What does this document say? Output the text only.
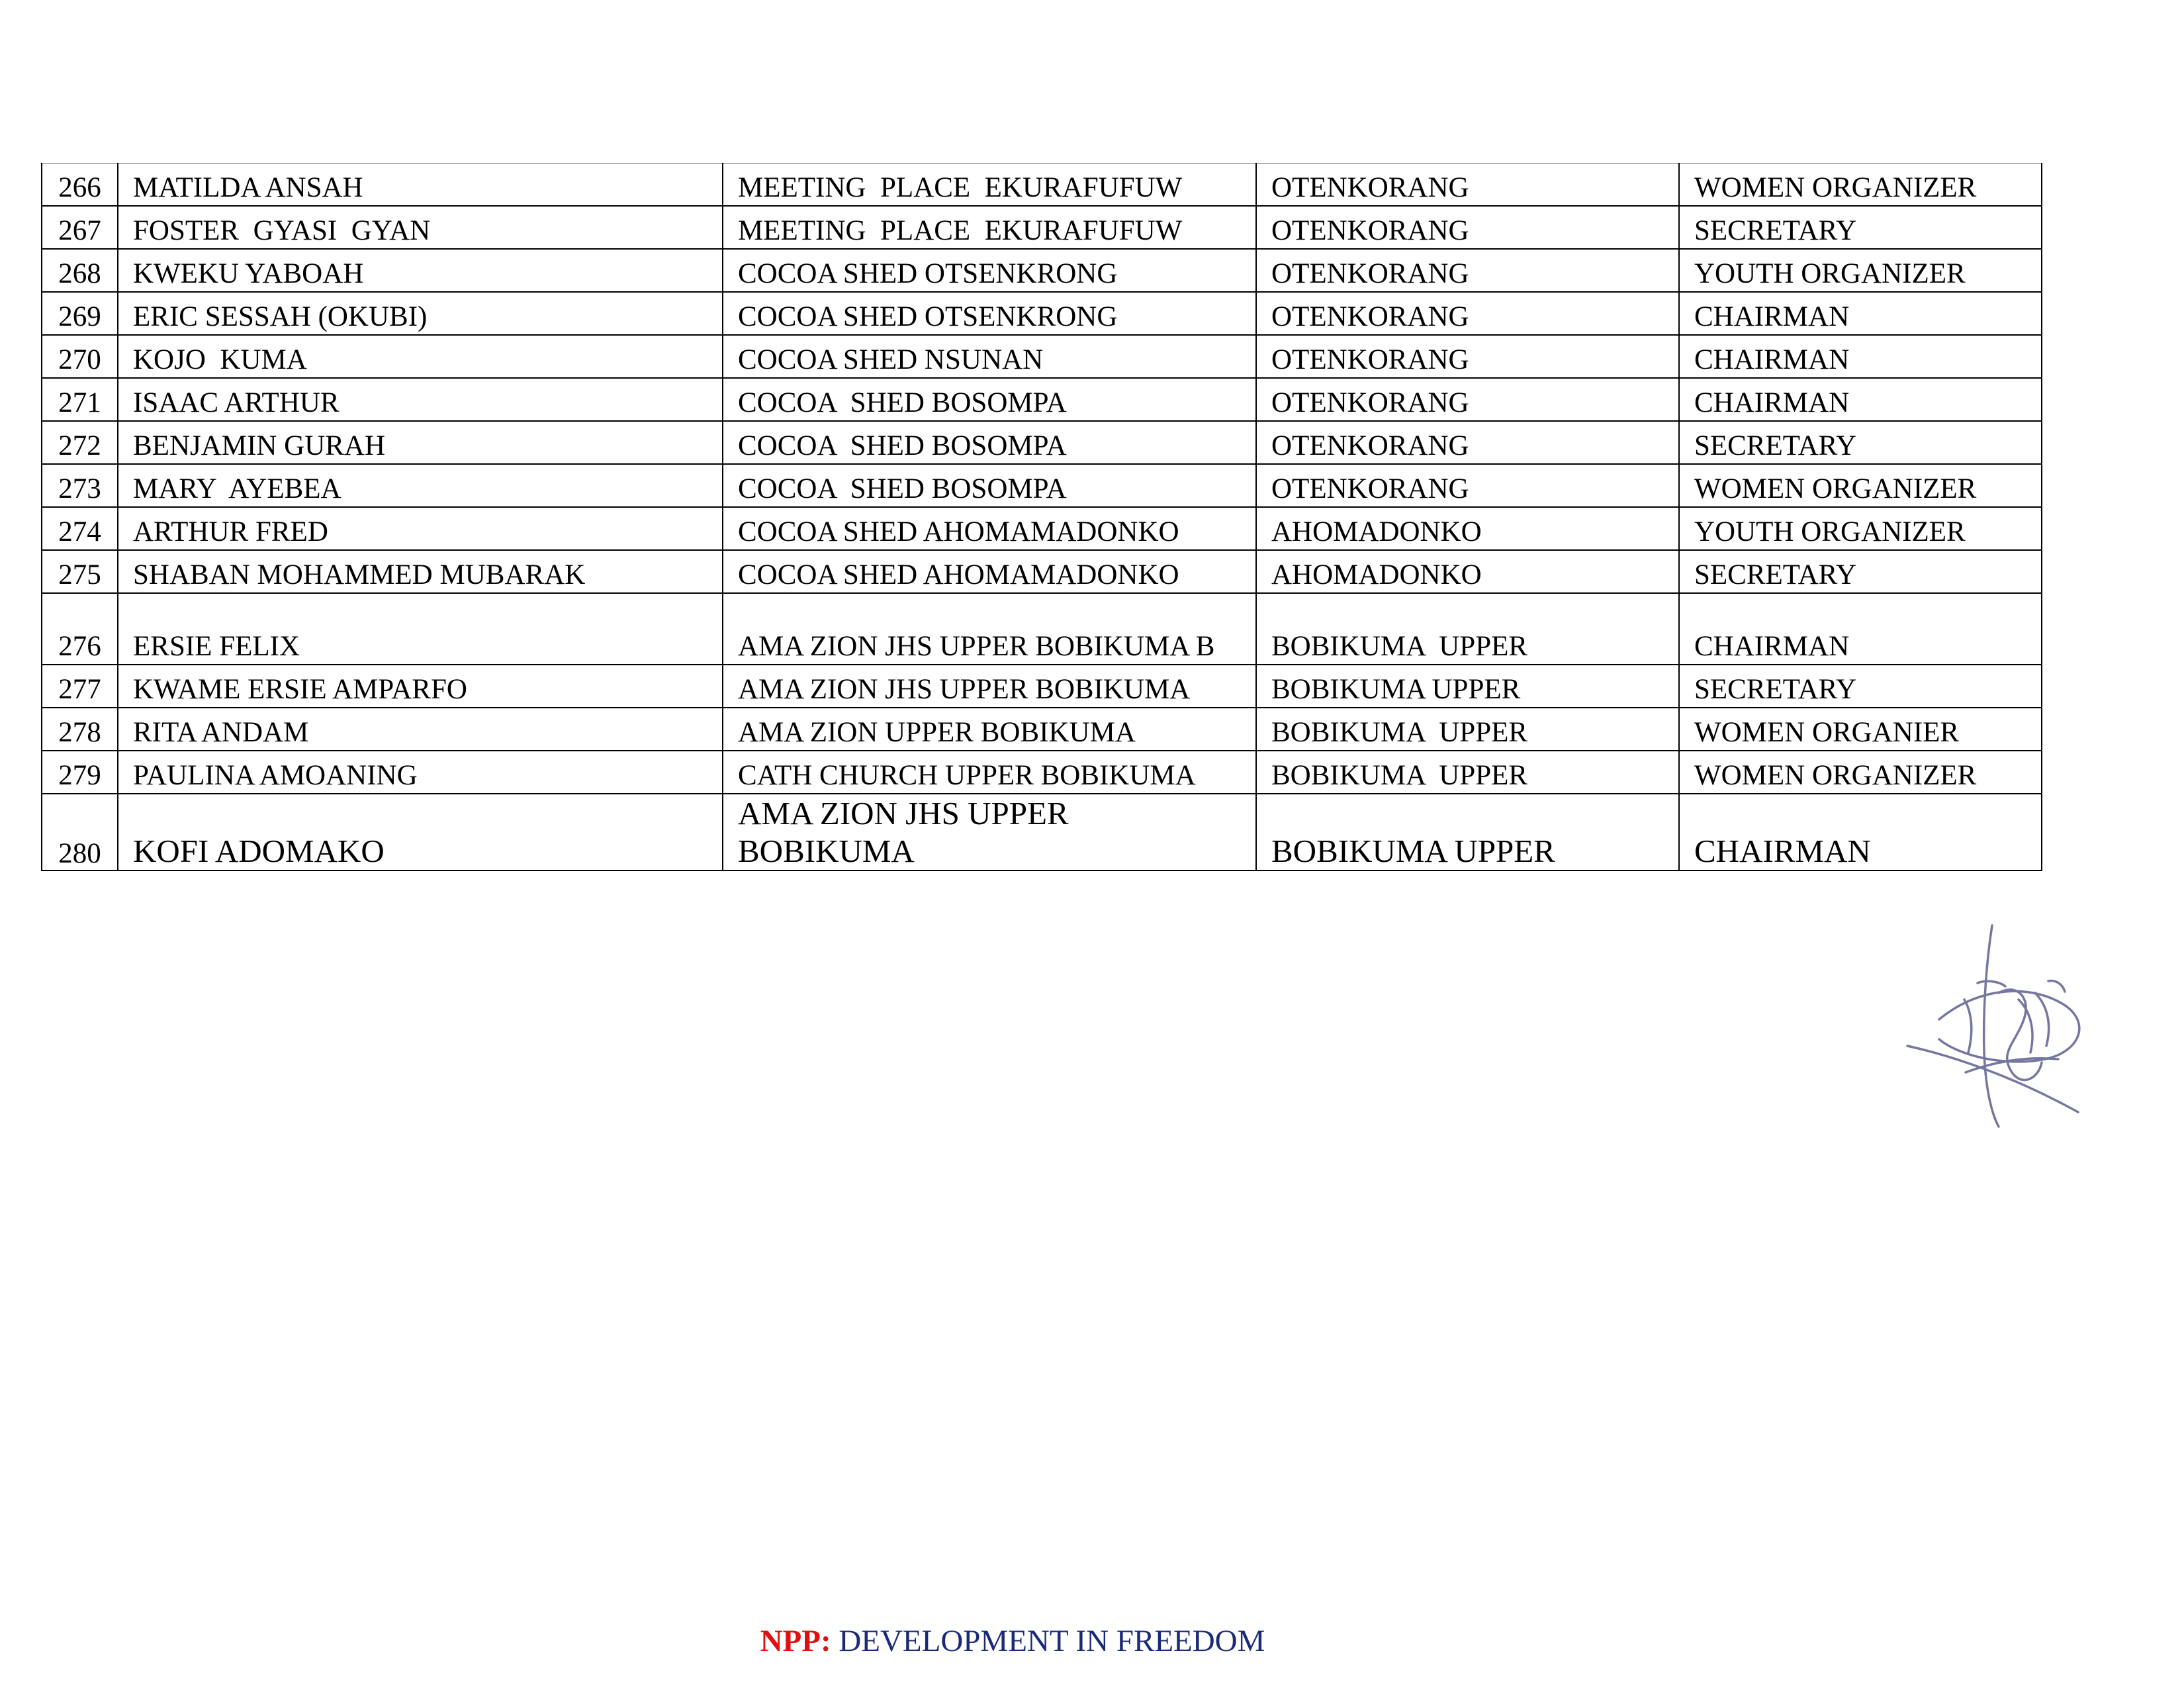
266	MATILDA ANSAH	MEETING  PLACE  EKURAFUFUW	OTENKORANG	WOMEN ORGANIZER
267	FOSTER  GYASI  GYAN	MEETING  PLACE  EKURAFUFUW	OTENKORANG	SECRETARY
268	KWEKU YABOAH	COCOA SHED OTSENKRONG	OTENKORANG	YOUTH ORGANIZER
269	ERIC SESSAH (OKUBI)	COCOA SHED OTSENKRONG	OTENKORANG	CHAIRMAN
270	KOJO  KUMA	COCOA SHED NSUNAN	OTENKORANG	CHAIRMAN
271	ISAAC ARTHUR	COCOA  SHED BOSOMPA	OTENKORANG	CHAIRMAN
272	BENJAMIN GURAH	COCOA  SHED BOSOMPA	OTENKORANG	SECRETARY
273	MARY  AYEBEA	COCOA  SHED BOSOMPA	OTENKORANG	WOMEN ORGANIZER
274	ARTHUR FRED	COCOA SHED AHOMAMADONKO	AHOMADONKO	YOUTH ORGANIZER
275	SHABAN MOHAMMED MUBARAK	COCOA SHED AHOMAMADONKO	AHOMADONKO	SECRETARY
276	ERSIE FELIX	AMA ZION JHS UPPER BOBIKUMA B	BOBIKUMA  UPPER	CHAIRMAN
277	KWAME ERSIE AMPARFO	AMA ZION JHS UPPER BOBIKUMA	BOBIKUMA UPPER	SECRETARY
278	RITA ANDAM	AMA ZION UPPER BOBIKUMA	BOBIKUMA  UPPER	WOMEN ORGANIER
279	PAULINA AMOANING	CATH CHURCH UPPER BOBIKUMA	BOBIKUMA  UPPER	WOMEN ORGANIZER
280	KOFI ADOMAKO	AMA ZION JHS UPPER BOBIKUMA	BOBIKUMA UPPER	CHAIRMAN
NPP: DEVELOPMENT IN FREEDOM
